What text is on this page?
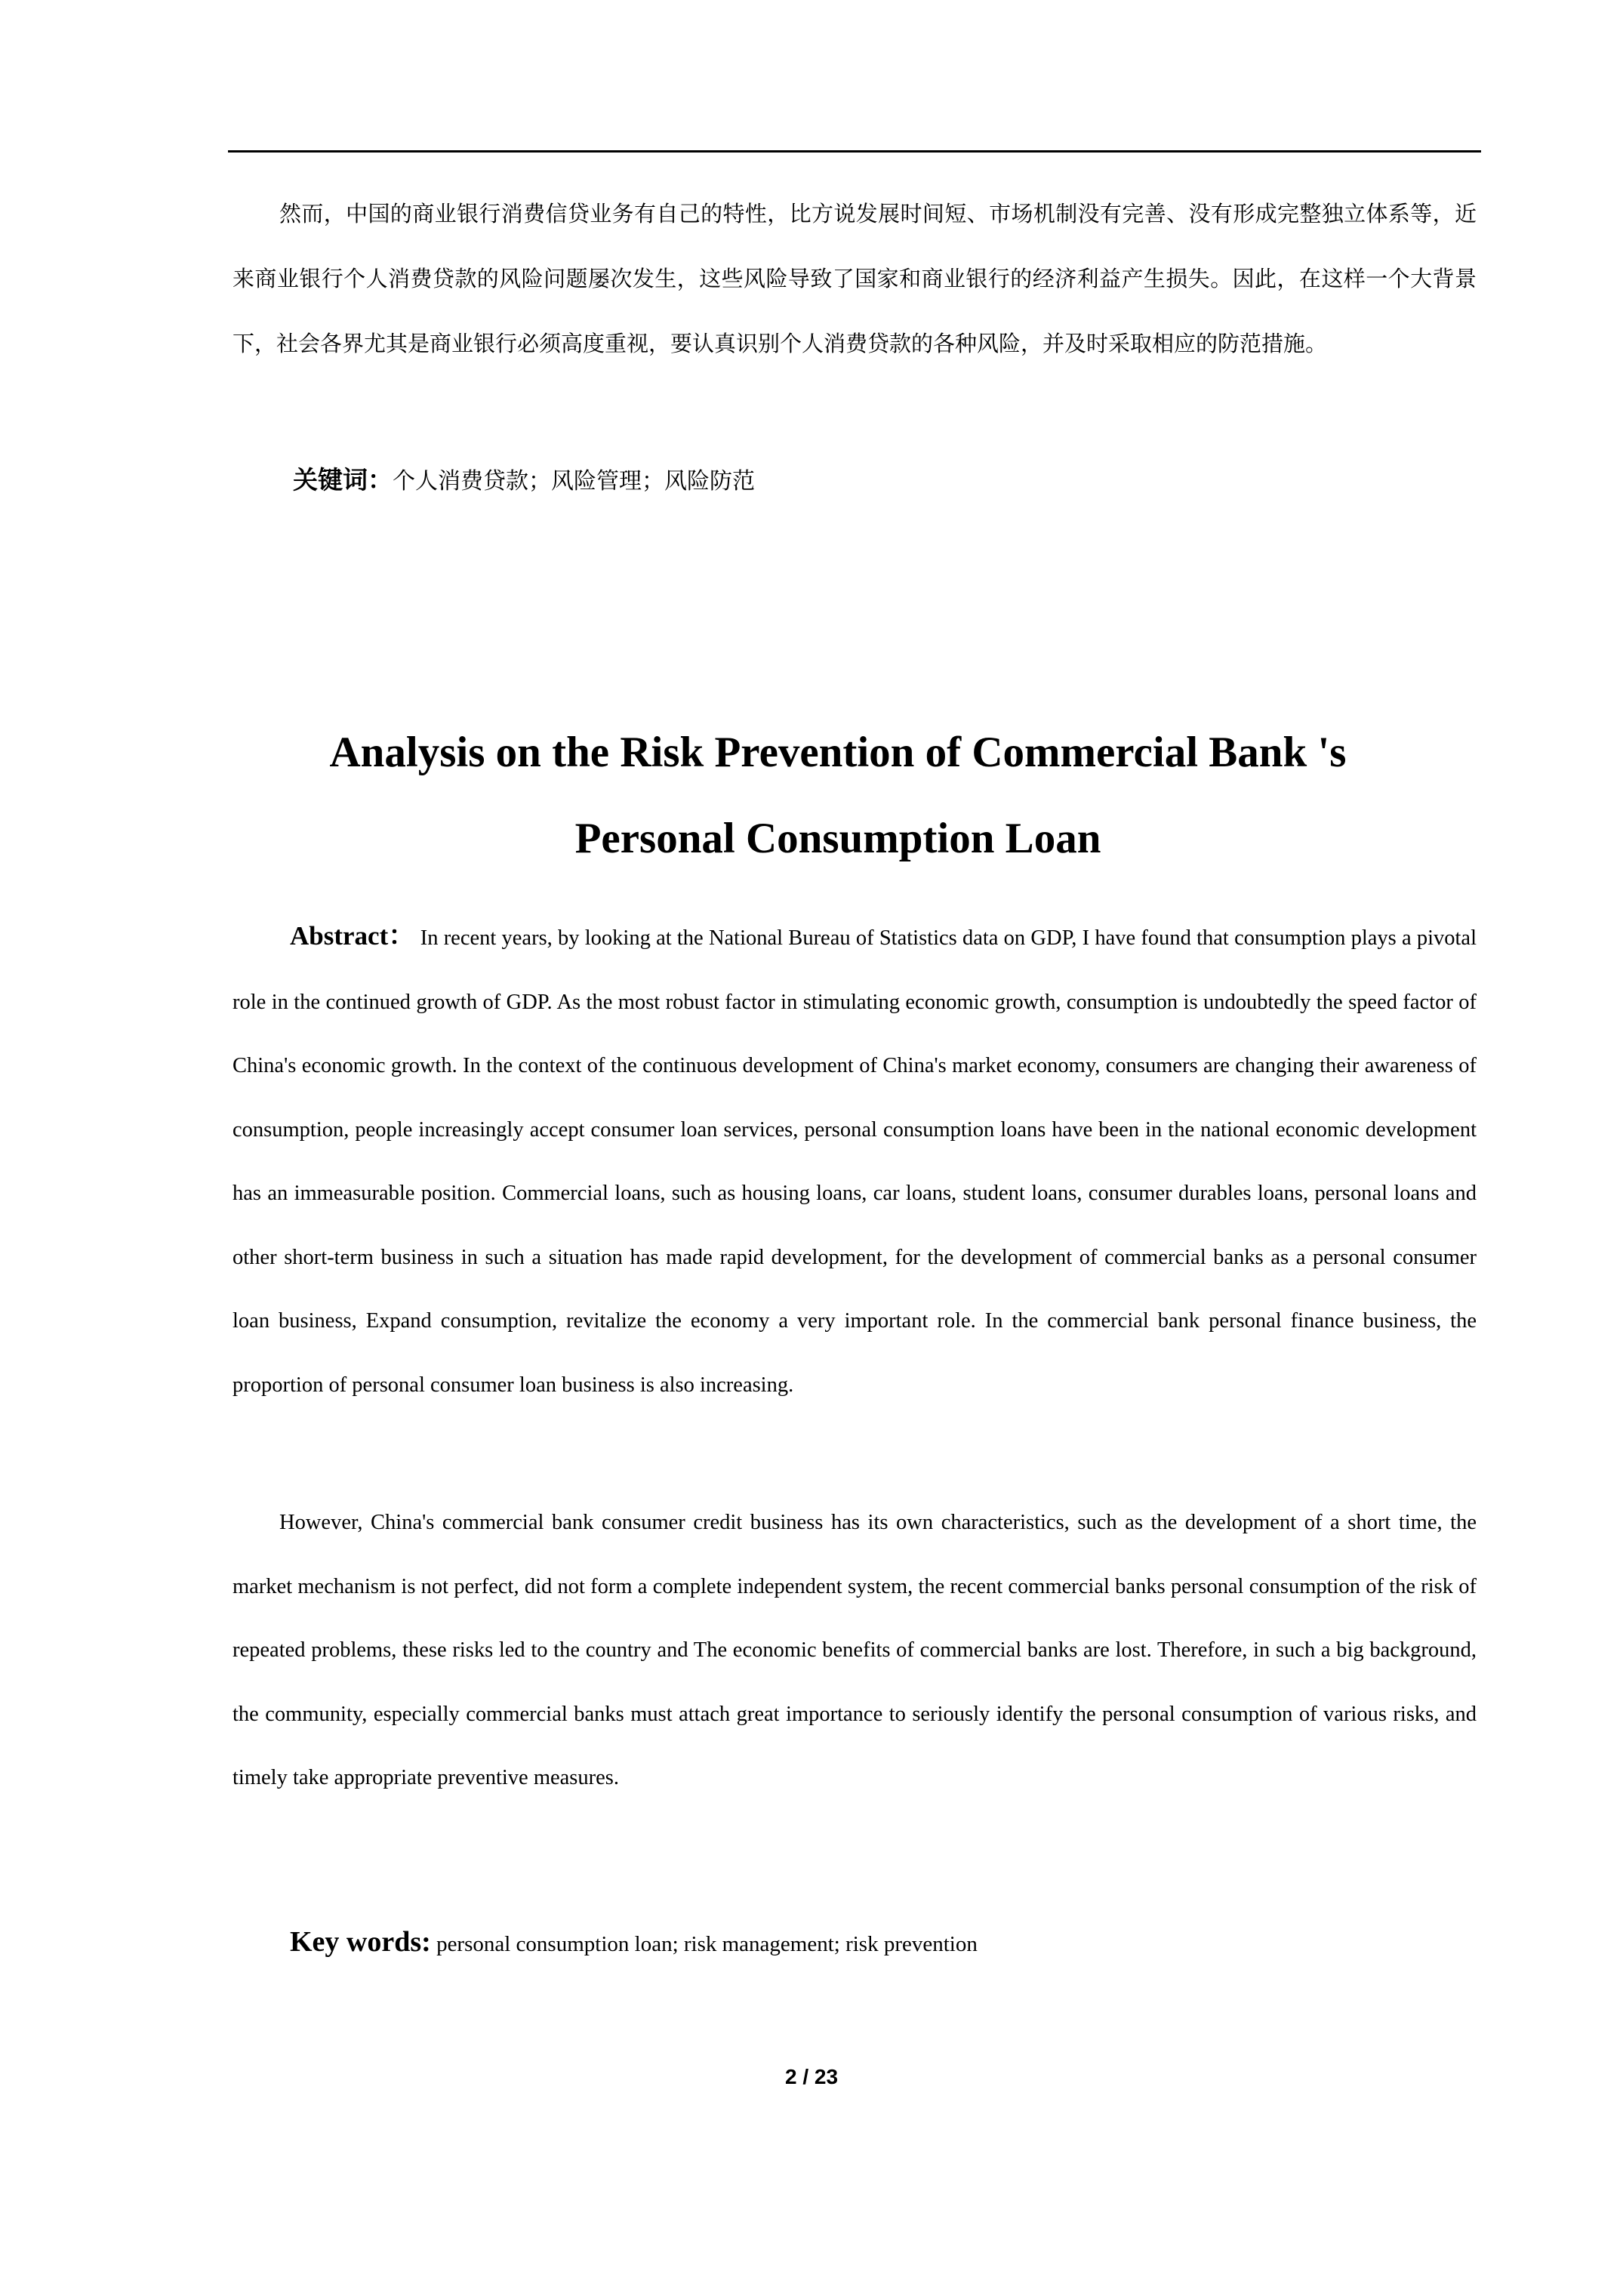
然而，中国的商业银行消费信贷业务有自己的特性，比方说发展时间短、市场机制没有完善、没有形成完整独立体系等，近来商业银行个人消费贷款的风险问题屡次发生，这些风险导致了国家和商业银行的经济利益产生损失。因此，在这样一个大背景下，社会各界尤其是商业银行必须高度重视，要认真识别个人消费贷款的各种风险，并及时采取相应的防范措施。

关键词：个人消费贷款；风险管理；风险防范

Analysis on the Risk Prevention of Commercial Bank 's
Personal Consumption Loan

Abstract： In recent years, by looking at the National Bureau of Statistics data on GDP, I have found that consumption plays a pivotal role in the continued growth of GDP. As the most robust factor in stimulating economic growth, consumption is undoubtedly the speed factor of China's economic growth. In the context of the continuous development of China's market economy, consumers are changing their awareness of consumption, people increasingly accept consumer loan services, personal consumption loans have been in the national economic development has an immeasurable position. Commercial loans, such as housing loans, car loans, student loans, consumer durables loans, personal loans and other short-term business in such a situation has made rapid development, for the development of commercial banks as a personal consumer loan business, Expand consumption, revitalize the economy a very important role. In the commercial bank personal finance business, the proportion of personal consumer loan business is also increasing.

However, China's commercial bank consumer credit business has its own characteristics, such as the development of a short time, the market mechanism is not perfect, did not form a complete independent system, the recent commercial banks personal consumption of the risk of repeated problems, these risks led to the country and The economic benefits of commercial banks are lost. Therefore, in such a big background, the community, especially commercial banks must attach great importance to seriously identify the personal consumption of various risks, and timely take appropriate preventive measures.

Key words: personal consumption loan; risk management; risk prevention

2 / 23
